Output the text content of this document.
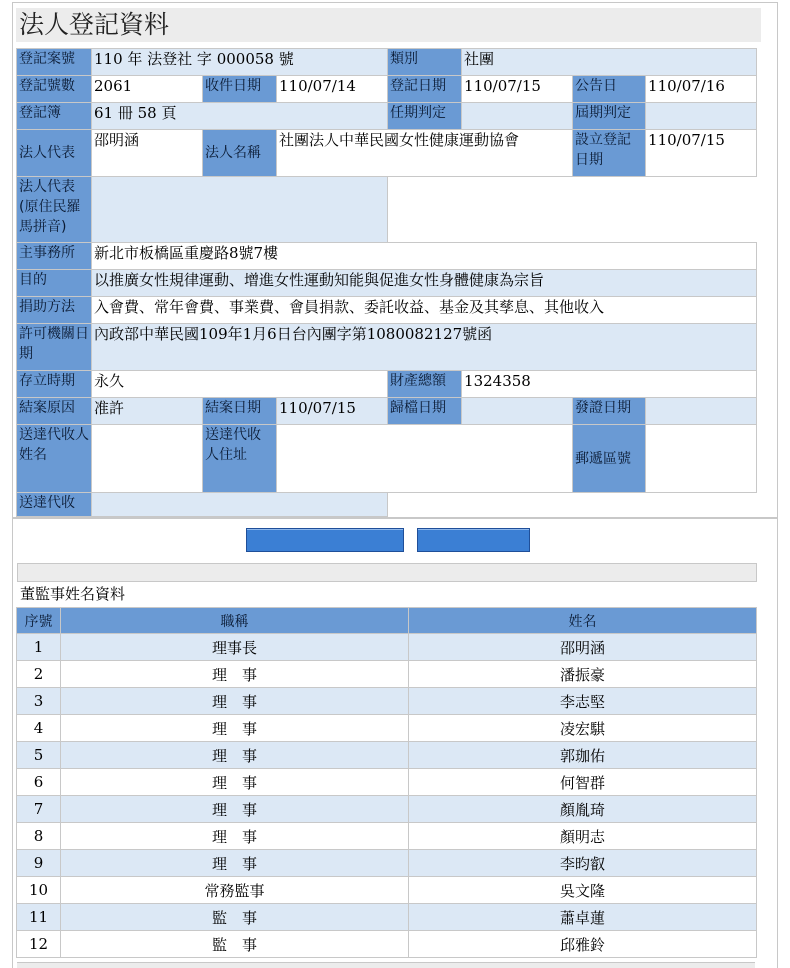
法人登記資料
登記案號	110 年 法登社 字 000058 號			類別	社團		
登記號數	2061	收件日期	110/07/14	登記日期	110/07/15	公告日	110/07/16
登記簿	61 冊 58 頁			任期判定		屆期判定	
法人代表	邵明涵	法人名稱	社團法人中華民國女性健康運動協會			設立登記日期	110/07/15
法人代表(原住民羅馬拼音)							
主事務所	新北市板橋區重慶路8號7樓						
目的	以推廣女性規律運動、增進女性運動知能與促進女性身體健康為宗旨						
捐助方法	入會費、常年會費、事業費、會員捐款、委託收益、基金及其孳息、其他收入						
許可機關日期	內政部中華民國109年1月6日台內團字第1080082127號函						
存立時期	永久			財產總額	1324358		
結案原因	准許	結案日期	110/07/15	歸檔日期		發證日期	
送達代收人姓名		送達代收人住址				郵遞區號	
送達代收							
董監事姓名資料
序號	職稱	姓名
1	理事長	邵明涵
2	理　事	潘振豪
3	理　事	李志堅
4	理　事	凌宏騏
5	理　事	郭珈佑
6	理　事	何智群
7	理　事	顏胤琦
8	理　事	顏明志
9	理　事	李昀叡
10	常務監事	吳文隆
11	監　事	蕭卓蓮
12	監　事	邱雅鈴
